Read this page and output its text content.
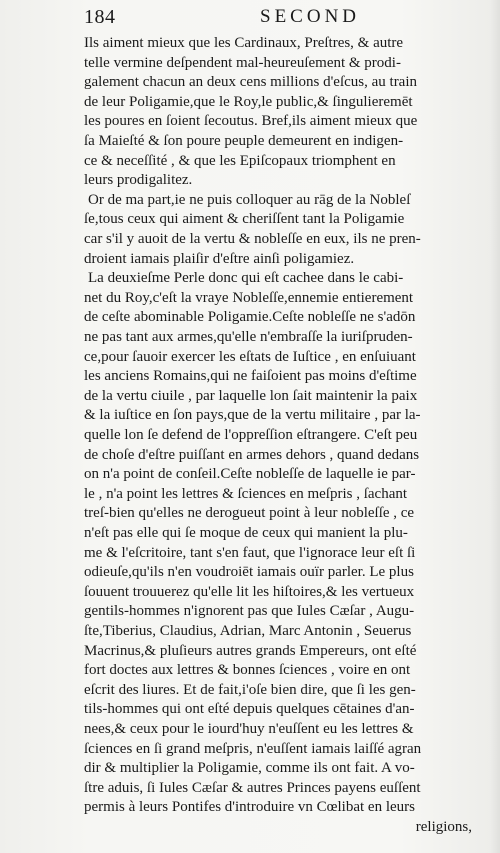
184	SECOND
Ils aiment mieux que les Cardinaux, Preſtres, & autre
telle vermine deſpendent mal-heureuſement & prodi-
galement chacun an deux cens millions d'eſcus, au train
de leur Poligamie,que le Roy,le public,& ſingulieremēt
les poures en ſoient ſecoutus. Bref,ils aiment mieux que
ſa Maieſté & ſon poure peuple demeurent en indigen-
ce & neceſſité , & que les Epiſcopaux triomphent en
leurs prodigalitez.
Or de ma part,ie ne puis colloquer au rāg de la Nobleſ
ſe,tous ceux qui aiment & cheriſſent tant la Poligamie
car s'il y auoit de la vertu & nobleſſe en eux, ils ne pren-
droient iamais plaiſir d'eſtre ainſi poligamiez.
La deuxieſme Perle donc qui eſt cachee dans le cabi-
net du Roy,c'eſt la vraye Nobleſſe,ennemie entierement
de ceſte abominable Poligamie.Ceſte nobleſſe ne s'adōn
ne pas tant aux armes,qu'elle n'embraſſe la iuriſpruden-
ce,pour ſauoir exercer les eſtats de Iuſtice , en enſuiuant
les anciens Romains,qui ne faiſoient pas moins d'eſtime
de la vertu ciuile , par laquelle lon ſait maintenir la paix
& la iuſtice en ſon pays,que de la vertu militaire , par la-
quelle lon ſe defend de l'oppreſſion eſtrangere. C'eſt peu
de choſe d'eſtre puiſſant en armes dehors , quand dedans
on n'a point de conſeil.Ceſte nobleſſe de laquelle ie par-
le , n'a point les lettres & ſciences en meſpris , ſachant
treſ-bien qu'elles ne derogueut point à leur nobleſſe , ce
n'eſt pas elle qui ſe moque de ceux qui manient la plu-
me & l'eſcritoire, tant s'en faut, que l'ignorace leur eſt ſi
odieuſe,qu'ils n'en voudroiēt iamais ouïr parler. Le plus
ſouuent trouuerez qu'elle lit les hiſtoires,& les vertueux
gentils-hommes n'ignorent pas que Iules Cæſar , Augu-
ſte,Tiberius, Claudius, Adrian, Marc Antonin , Seuerus
Macrinus,& pluſieurs autres grands Empereurs, ont eſté
fort doctes aux lettres & bonnes ſciences , voire en ont
eſcrit des liures. Et de fait,i'oſe bien dire, que ſi les gen-
tils-hommes qui ont eſté depuis quelques cētaines d'an-
nees,& ceux pour le iourd'huy n'euſſent eu les lettres &
ſciences en ſi grand meſpris, n'euſſent iamais laiſſé agran
dir & multiplier la Poligamie, comme ils ont fait. A vo-
ſtre aduis, ſi Iules Cæſar & autres Princes payens euſſent
permis à leurs Pontifes d'introduire vn Cœlibat en leurs
religions,
